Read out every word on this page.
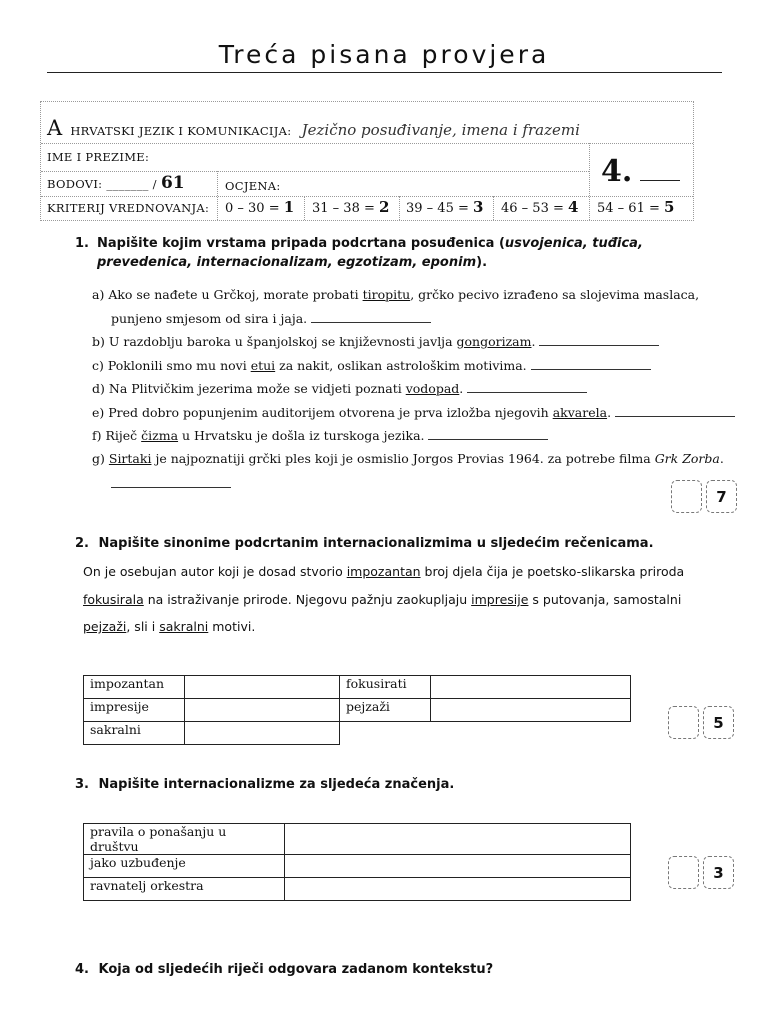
Treća pisana provjera
A HRVATSKI JEZIK I KOMUNIKACIJA: Jezično posuđivanje, imena i frazemi
IME I PREZIME:
BODOVI: _______ / 61	OCJENA:	4.
KRITERIJ VREDNOVANJA: 0 – 30 = 1 31 – 38 = 2 39 – 45 = 3 46 – 53 = 4 54 – 61 = 5
1. Napišite kojim vrstama pripada podcrtana posuđenica (usvojenica, tuđica, prevedenica, internacionalizam, egzotizam, eponim).
a) Ako se nađete u Grčkoj, morate probati tiropitu, grčko pecivo izrađeno sa slojevima maslaca,
punjeno smjesom od sira i jaja.
b) U razdoblju baroka u španjolskoj se književnosti javlja gongorizam.
c) Poklonili smo mu novi etui za nakit, oslikan astrološkim motivima.
d) Na Plitvičkim jezerima može se vidjeti poznati vodopad.
e) Pred dobro popunjenim auditorijem otvorena je prva izložba njegovih akvarela.
f) Riječ čizma u Hrvatsku je došla iz turskoga jezika.
g) Sirtaki je najpoznatiji grčki ples koji je osmislio Jorgos Provias 1964. za potrebe filma Grk Zorba.
7
2. Napišite sinonime podcrtanim internacionalizmima u sljedećim rečenicama.
On je osebujan autor koji je dosad stvorio impozantan broj djela čija je poetsko-slikarska priroda
fokusirala na istraživanje prirode. Njegovu pažnju zaokupljaju impresije s putovanja, samostalni
pejzaži, sli i sakralni motivi.
impozantan		fokusirati	
impresije		pejzaži	
sakralni				5
3. Napišite internacionalizme za sljedeća značenja.
pravila o ponašanju u društvu	
jako uzbuđenje	
ravnatelj orkestra	
3
4. Koja od sljedećih riječi odgovara zadanom kontekstu?
